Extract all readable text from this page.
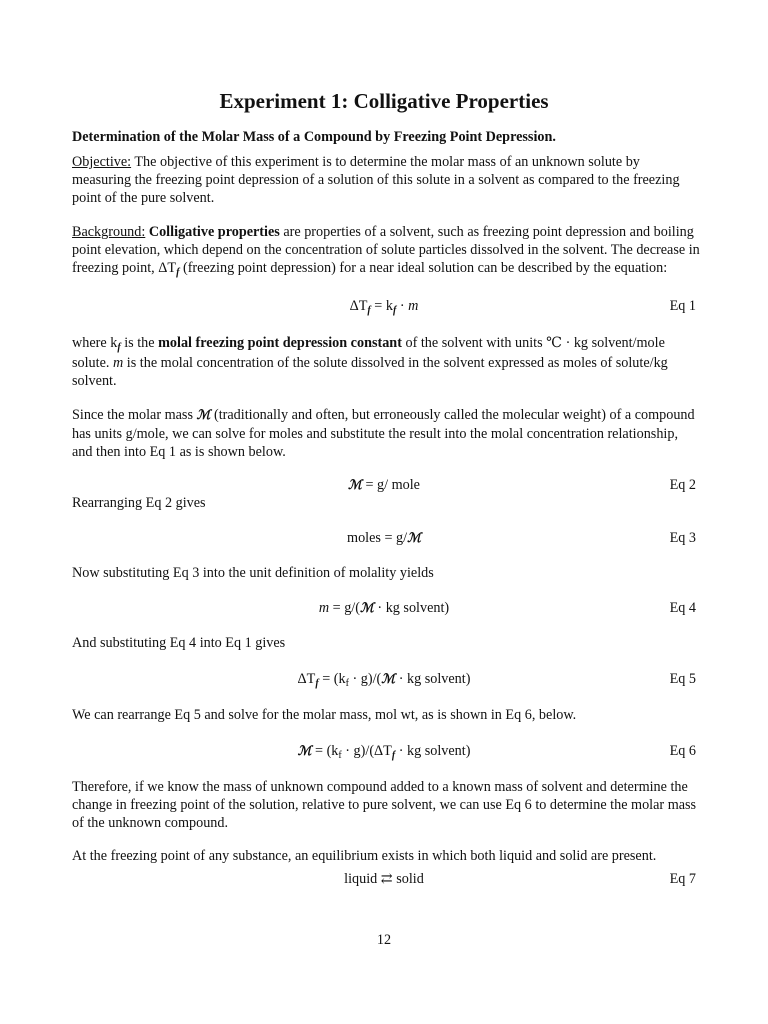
Experiment 1: Colligative Properties
Determination of the Molar Mass of a Compound by Freezing Point Depression.
Objective: The objective of this experiment is to determine the molar mass of an unknown solute by measuring the freezing point depression of a solution of this solute in a solvent as compared to the freezing point of the pure solvent.
Background: Colligative properties are properties of a solvent, such as freezing point depression and boiling point elevation, which depend on the concentration of solute particles dissolved in the solvent. The decrease in freezing point, $\Delta T_f$ (freezing point depression) for a near ideal solution can be described by the equation:
$\Delta T_f = k_f \cdot m$	Eq 1
where $k_f$ is the molal freezing point depression constant of the solvent with units ℃ · kg solvent/mole solute. m is the molal concentration of the solute dissolved in the solvent expressed as moles of solute/kg solvent.
Since the molar mass ℳ (traditionally and often, but erroneously called the molecular weight) of a compound has units g/mole, we can solve for moles and substitute the result into the molal concentration relationship, and then into Eq 1 as is shown below.
ℳ = g/ mole	Eq 2
Rearranging Eq 2 gives
moles = g/ℳ	Eq 3
Now substituting Eq 3 into the unit definition of molality yields
m = g/(ℳ · kg solvent)	Eq 4
And substituting Eq 4 into Eq 1 gives
$\Delta T_f = (k_f$ · g)/(ℳ · kg solvent)	Eq 5
We can rearrange Eq 5 and solve for the molar mass, mol wt, as is shown in Eq 6, below.
ℳ = $(k_f \cdot g)/(\Delta T_f$ · kg solvent)	Eq 6
Therefore, if we know the mass of unknown compound added to a known mass of solvent and determine the change in freezing point of the solution, relative to pure solvent, we can use Eq 6 to determine the molar mass of the unknown compound.
At the freezing point of any substance, an equilibrium exists in which both liquid and solid are present.
liquid ⇄ solid	Eq 7
12
